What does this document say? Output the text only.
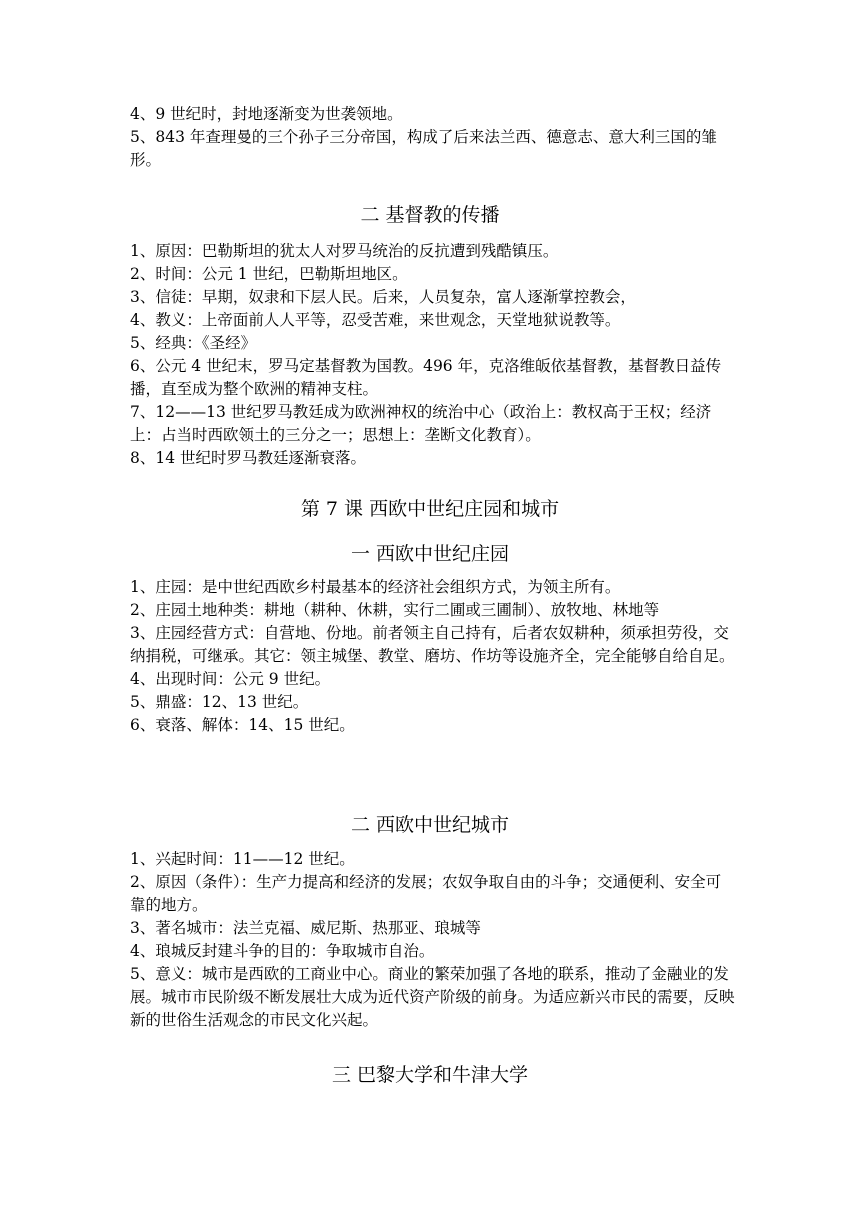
4、9 世纪时，封地逐渐变为世袭领地。

5、843 年查理曼的三个孙子三分帝国，构成了后来法兰西、德意志、意大利三国的雏形。

二 基督教的传播

1、原因：巴勒斯坦的犹太人对罗马统治的反抗遭到残酷镇压。

2、时间：公元 1 世纪，巴勒斯坦地区。

3、信徒：早期，奴隶和下层人民。后来，人员复杂，富人逐渐掌控教会，

4、教义：上帝面前人人平等，忍受苦难，来世观念，天堂地狱说教等。

5、经典：《圣经》

6、公元 4 世纪末，罗马定基督教为国教。496 年，克洛维皈依基督教，基督教日益传播，直至成为整个欧洲的精神支柱。

7、12——13 世纪罗马教廷成为欧洲神权的统治中心（政治上：教权高于王权；经济上：占当时西欧领土的三分之一；思想上：垄断文化教育）。

8、14 世纪时罗马教廷逐渐衰落。

第 7 课 西欧中世纪庄园和城市

一 西欧中世纪庄园

1、庄园：是中世纪西欧乡村最基本的经济社会组织方式，为领主所有。

2、庄园土地种类：耕地（耕种、休耕，实行二圃或三圃制）、放牧地、林地等

3、庄园经营方式：自营地、份地。前者领主自己持有，后者农奴耕种，须承担劳役，交纳捐税，可继承。其它：领主城堡、教堂、磨坊、作坊等设施齐全，完全能够自给自足。

4、出现时间：公元 9 世纪。

5、鼎盛：12、13 世纪。

6、衰落、解体：14、15 世纪。

二 西欧中世纪城市

1、兴起时间：11——12 世纪。

2、原因（条件）：生产力提高和经济的发展；农奴争取自由的斗争；交通便利、安全可靠的地方。

3、著名城市：法兰克福、威尼斯、热那亚、琅城等

4、琅城反封建斗争的目的：争取城市自治。

5、意义：城市是西欧的工商业中心。商业的繁荣加强了各地的联系，推动了金融业的发展。城市市民阶级不断发展壮大成为近代资产阶级的前身。为适应新兴市民的需要，反映新的世俗生活观念的市民文化兴起。

三 巴黎大学和牛津大学
